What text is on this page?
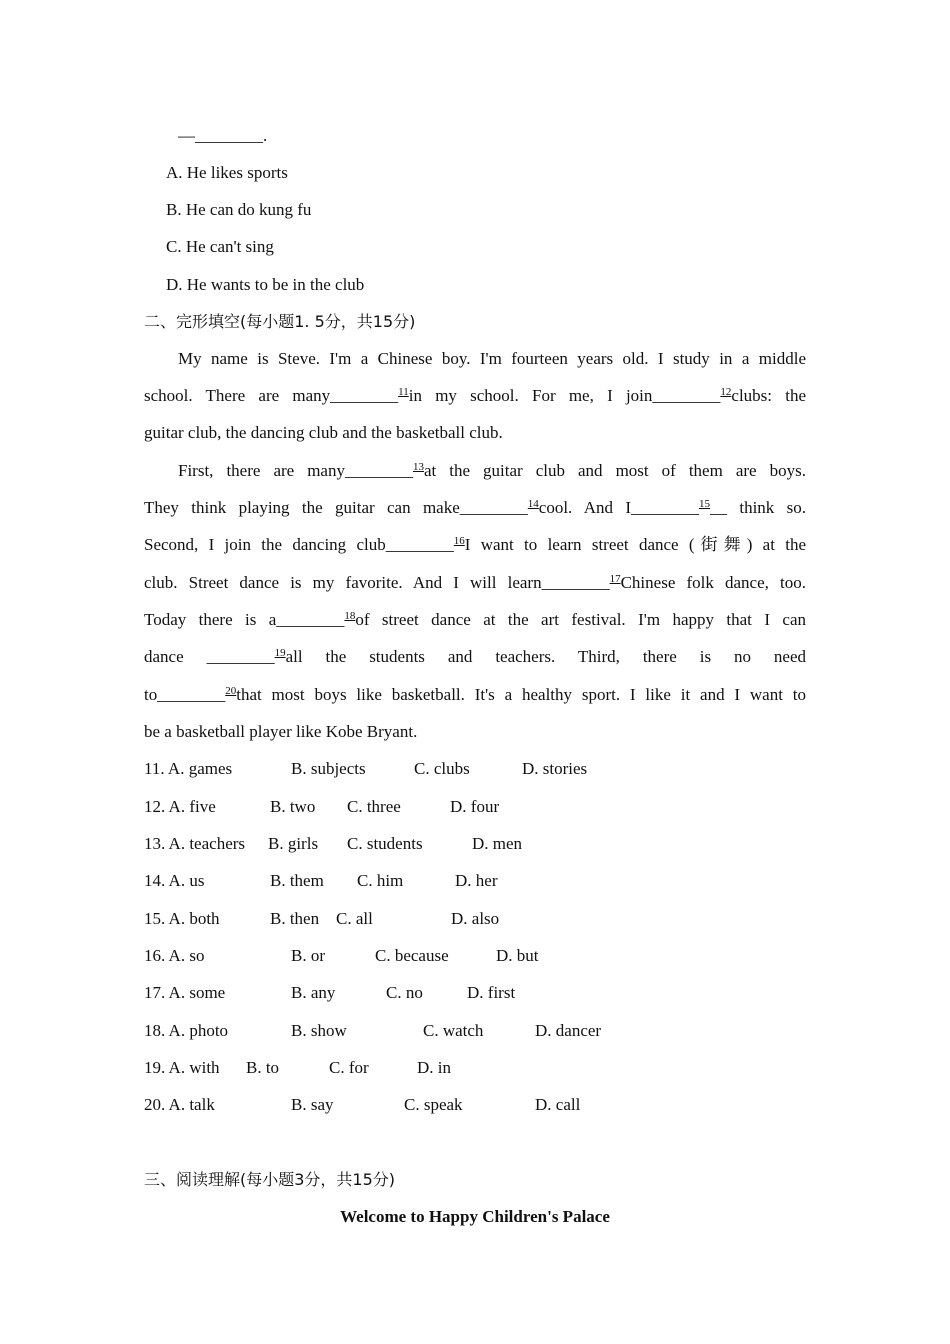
—________.
A. He likes sports
B. He can do kung fu
C. He can't sing
D. He wants to be in the club
二、完形填空(每小题1. 5分，共15分)
My name is Steve. I'm a Chinese boy. I'm fourteen years old. I study in a middle
school. There are many________$^{11}$in my school. For me, I join________$^{12}$clubs: the
guitar club, the dancing club and the basketball club.
First, there are many________$^{13}$at the guitar club and most of them are boys.
They think playing the guitar can make________$^{14}$cool. And I________$^{15}$__ think so.
Second, I join the dancing club________$^{16}$I want to learn street dance (街舞) at the
club. Street dance is my favorite. And I will learn________$^{17}$Chinese folk dance, too.
Today there is a________$^{18}$of street dance at the art festival. I'm happy that I can
dance ________$^{19}$all the students and teachers. Third, there is no need
to________$^{20}$that most boys like basketball. It's a healthy sport. I like it and I want to
be a basketball player like Kobe Bryant.
11. A. games	B. subjects	C. clubs	D. stories
12. A. five	B. two C. three	D. four
13. A. teachers B. girls C. students	D. men
14. A. us	B. them C. him	D. her
15. A. both	B. then C. all	D. also
16. A. so	B. or	C. because	D. but
17. A. some	B. any	C. no	D. first
18. A. photo	B. show	C. watch	D. dancer
19. A. with B. to	C. for	D. in
20. A. talk	B. say	C. speak	D. call
三、阅读理解(每小题3分，共15分)
Welcome to Happy Children's Palace
